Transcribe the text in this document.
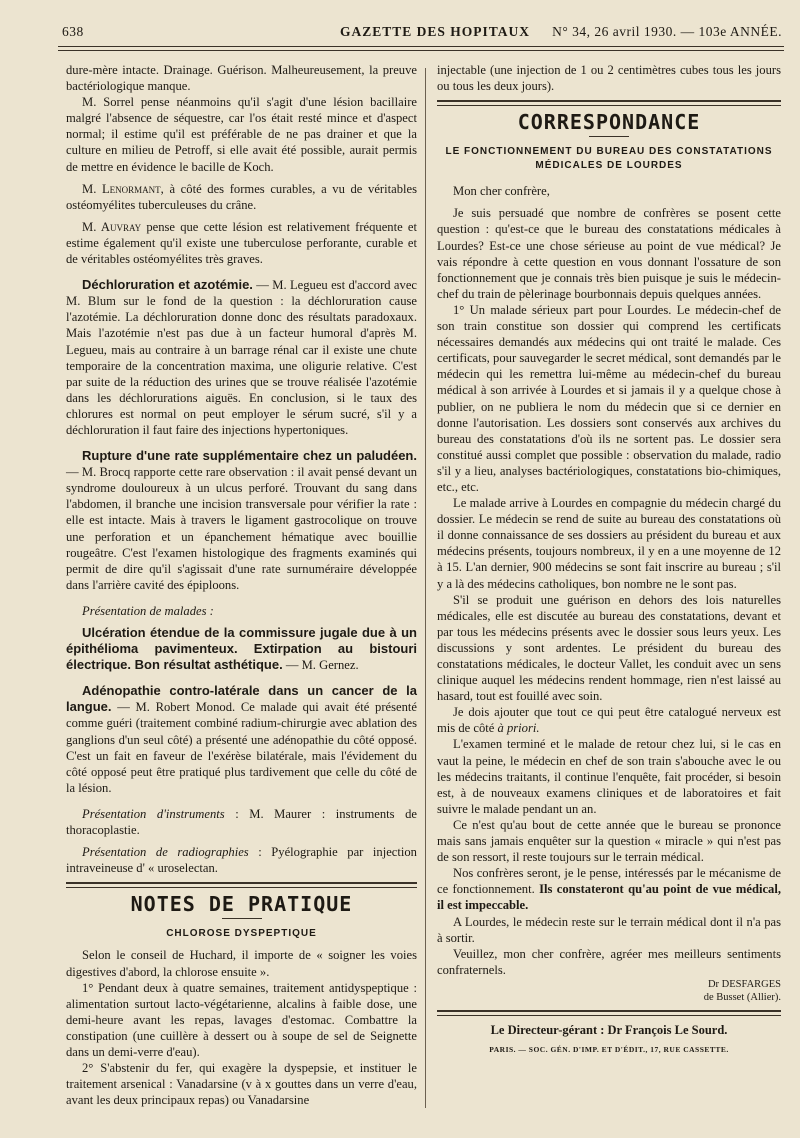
638	GAZETTE DES HOPITAUX N° 34, 26 avril 1930. — 103e ANNÉE.

dure-mère intacte. Drainage. Guérison. Malheureusement, la preuve bactériologique manque.

M. Sorrel pense néanmoins qu'il s'agit d'une lésion bacillaire malgré l'absence de séquestre, car l'os était resté mince et d'aspect normal; il estime qu'il est préférable de ne pas drainer et que la culture en milieu de Petroff, si elle avait été possible, aurait permis de mettre en évidence le bacille de Koch.

M. Lenormant, à côté des formes curables, a vu de véritables ostéomyélites tuberculeuses du crâne.

M. Auvray pense que cette lésion est relativement fréquente et estime également qu'il existe une tuberculose perforante, curable et de véritables ostéomyélites très graves.

Déchloruration et azotémie. — M. Legueu est d'accord avec M. Blum sur le fond de la question : la déchloruration cause l'azotémie. La déchloruration donne donc des résultats paradoxaux. Mais l'azotémie n'est pas due à un facteur humoral d'après M. Legueu, mais au contraire à un barrage rénal car il existe une chute temporaire de la concentration maxima, une oligurie relative. C'est par suite de la réduction des urines que se trouve réalisée l'azotémie dans les déchlorurations aiguës. En conclusion, si le taux des chlorures est normal on peut employer le sérum sucré, s'il y a déchloruration il faut faire des injections hypertoniques.

Rupture d'une rate supplémentaire chez un paludéen. — M. Brocq rapporte cette rare observation : il avait pensé devant un syndrome douloureux à un ulcus perforé. Trouvant du sang dans l'abdomen, il branche une incision transversale pour vérifier la rate : elle est intacte. Mais à travers le ligament gastrocolique on trouve une perforation et un épanchement hématique avec bouillie rougeâtre. C'est l'examen histologique des fragments examinés qui permit de dire qu'il s'agissait d'une rate surnuméraire développée dans l'arrière cavité des épiploons.

Présentation de malades :

Ulcération étendue de la commissure jugale due à un épithélioma pavimenteux. Extirpation au bistouri électrique. Bon résultat asthétique. — M. Gernez.

Adénopathie contro-latérale dans un cancer de la langue. — M. Robert Monod. Ce malade qui avait été présenté comme guéri (traitement combiné radium-chirurgie avec ablation des ganglions d'un seul côté) a présenté une adénopathie du côté opposé. C'est un fait en faveur de l'exérèse bilatérale, mais l'évidement du côté opposé peut être pratiqué plus tardivement que celle du côté de la lésion.

Présentation d'instruments : M. Maurer : instruments de thoracoplastie.

Présentation de radiographies : Pyélographie par injection intraveineuse d' « uroselectan.

NOTES DE PRATIQUE
CHLOROSE DYSPEPTIQUE

Selon le conseil de Huchard, il importe de « soigner les voies digestives d'abord, la chlorose ensuite ».

1° Pendant deux à quatre semaines, traitement antidyspeptique : alimentation surtout lacto-végétarienne, alcalins à faible dose, une demi-heure avant les repas, lavages d'estomac. Combattre la constipation (une cuillère à dessert ou à soupe de sel de Seignette dans un demi-verre d'eau).

2° S'abstenir du fer, qui exagère la dyspepsie, et instituer le traitement arsenical : Vanadarsine (v à x gouttes dans un verre d'eau, avant les deux principaux repas) ou Vanadarsine

injectable (une injection de 1 ou 2 centimètres cubes tous les jours ou tous les deux jours).

CORRESPONDANCE
LE FONCTIONNEMENT DU BUREAU DES CONSTATATIONS MÉDICALES DE LOURDES

Mon cher confrère,

Je suis persuadé que nombre de confrères se posent cette question : qu'est-ce que le bureau des constatations médicales à Lourdes? Est-ce une chose sérieuse au point de vue médical? Je vais répondre à cette question en vous donnant l'ossature de son fonctionnement que je connais très bien puisque je suis le médecin-chef du train de pèlerinage bourbonnais depuis quelques années.

1° Un malade sérieux part pour Lourdes. Le médecin-chef de son train constitue son dossier qui comprend les certificats nécessaires demandés aux médecins qui ont traité le malade. Ces certificats, pour sauvegarder le secret médical, sont demandés par le médecin qui les remettra lui-même au médecin-chef du bureau médical à son arrivée à Lourdes et si jamais il y a quelque chose à publier, on ne publiera le nom du médecin que si ce dernier en donne l'autorisation. Les dossiers sont conservés aux archives du bureau des constatations d'où ils ne sortent pas. Le dossier sera constitué aussi complet que possible : observation du malade, radio s'il y a lieu, analyses bactériologiques, constatations bio-chimiques, etc., etc.

Le malade arrive à Lourdes en compagnie du médecin chargé du dossier. Le médecin se rend de suite au bureau des constatations où il donne connaissance de ses dossiers au président du bureau et aux médecins présents, toujours nombreux, il y en a une moyenne de 12 à 15. L'an dernier, 900 médecins se sont fait inscrire au bureau ; s'il y a là des médecins catholiques, bon nombre ne le sont pas.

S'il se produit une guérison en dehors des lois naturelles médicales, elle est discutée au bureau des constatations, devant et par tous les médecins présents avec le dossier sous leurs yeux. Les discussions y sont ardentes. Le président du bureau des constatations médicales, le docteur Vallet, les conduit avec un sens clinique auquel les médecins rendent hommage, rien n'est laissé au hasard, tout est fouillé avec soin.

Je dois ajouter que tout ce qui peut être catalogué nerveux est mis de côté à priori.

L'examen terminé et le malade de retour chez lui, si le cas en vaut la peine, le médecin en chef de son train s'abouche avec le ou les médecins traitants, il continue l'enquête, fait procéder, si besoin est, à de nouveaux examens cliniques et de laboratoires et fait suivre le malade pendant un an.

Ce n'est qu'au bout de cette année que le bureau se prononce mais sans jamais enquêter sur la question « miracle » qui n'est pas de son ressort, il reste toujours sur le terrain médical.

Nos confrères seront, je le pense, intéressés par le mécanisme de ce fonctionnement. Ils constateront qu'au point de vue médical, il est impeccable.

A Lourdes, le médecin reste sur le terrain médical dont il n'a pas à sortir.

Veuillez, mon cher confrère, agréer mes meilleurs sentiments confraternels.

Dr DESFARGES
de Busset (Allier).
Le Directeur-gérant : Dr François Le Sourd.
PARIS. — SOC. GÉN. D'IMP. ET D'ÉDIT., 17, RUE CASSETTE.
